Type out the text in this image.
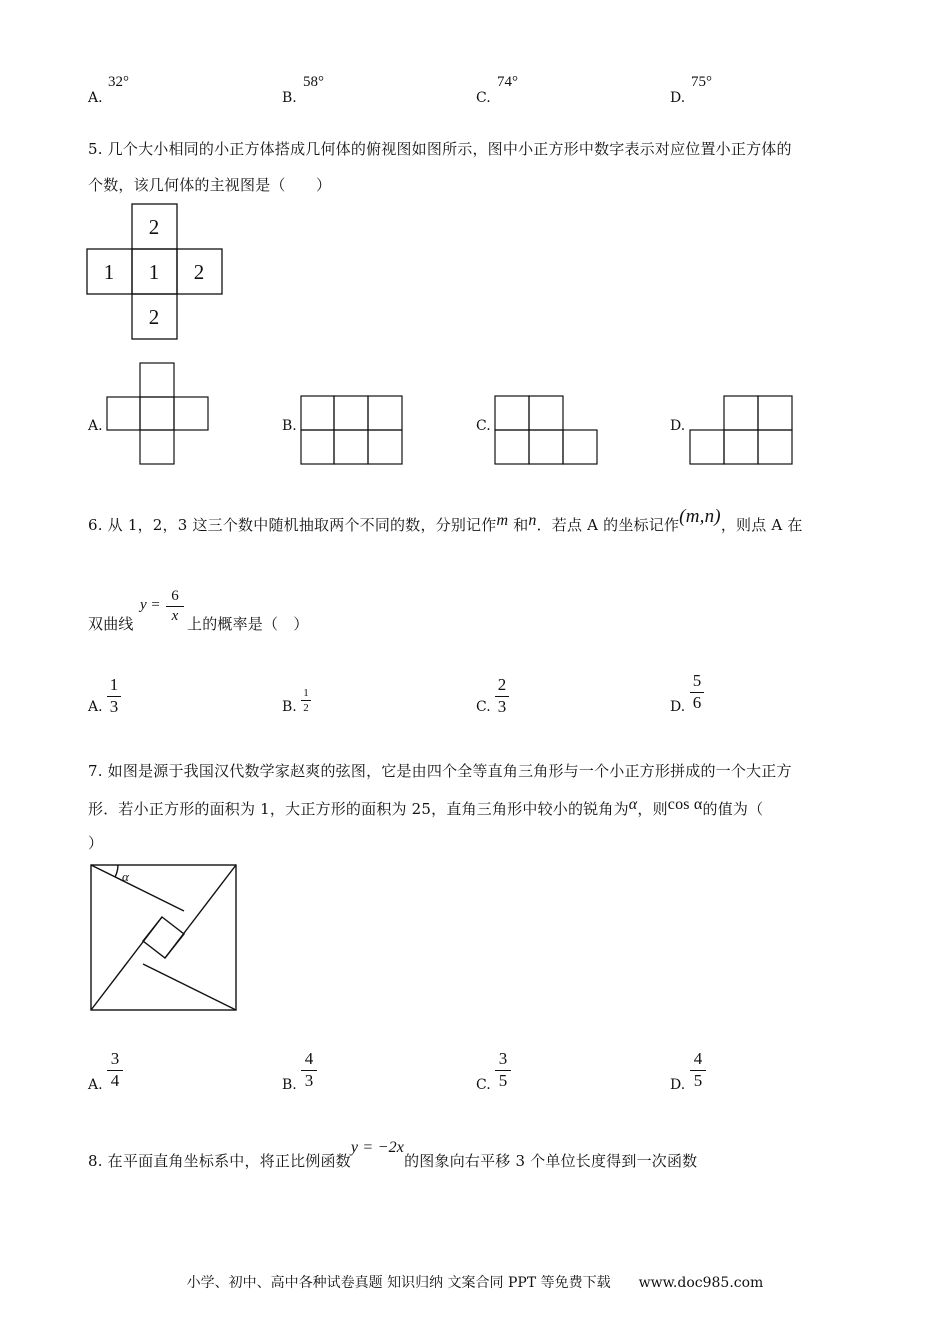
A.
32°
B.
58°
C.
74°
D.
75°
5. 几个大小相同的小正方体搭成几何体的俯视图如图所示，图中小正方形中数字表示对应位置小正方体的
个数，该几何体的主视图是（　　）
2
1 1 2
2
A.	B.	C.	D.
6. 从 1，2，3 这三个数中随机抽取两个不同的数，分别记作m 和n．若点 A 的坐标记作(m,n)，则点 A 在
双曲线
y =
6
x 上的概率是（　）
A.
1
3	B.
1
2	C.
2
3	D.
5
6
7. 如图是源于我国汉代数学家赵爽的弦图，它是由四个全等直角三角形与一个小正方形拼成的一个大正方
形．若小正方形的面积为 1，大正方形的面积为 25，直角三角形中较小的锐角为α，则cos α的值为（
）
α
A.
3
4	B.
4
3	C.
3
5	D.
4
5
8. 在平面直角坐标系中，将正比例函数y = −2x的图象向右平移 3 个单位长度得到一次函数
小学、初中、高中各种试卷真题 知识归纳 文案合同 PPT 等免费下载　　www.doc985.com
